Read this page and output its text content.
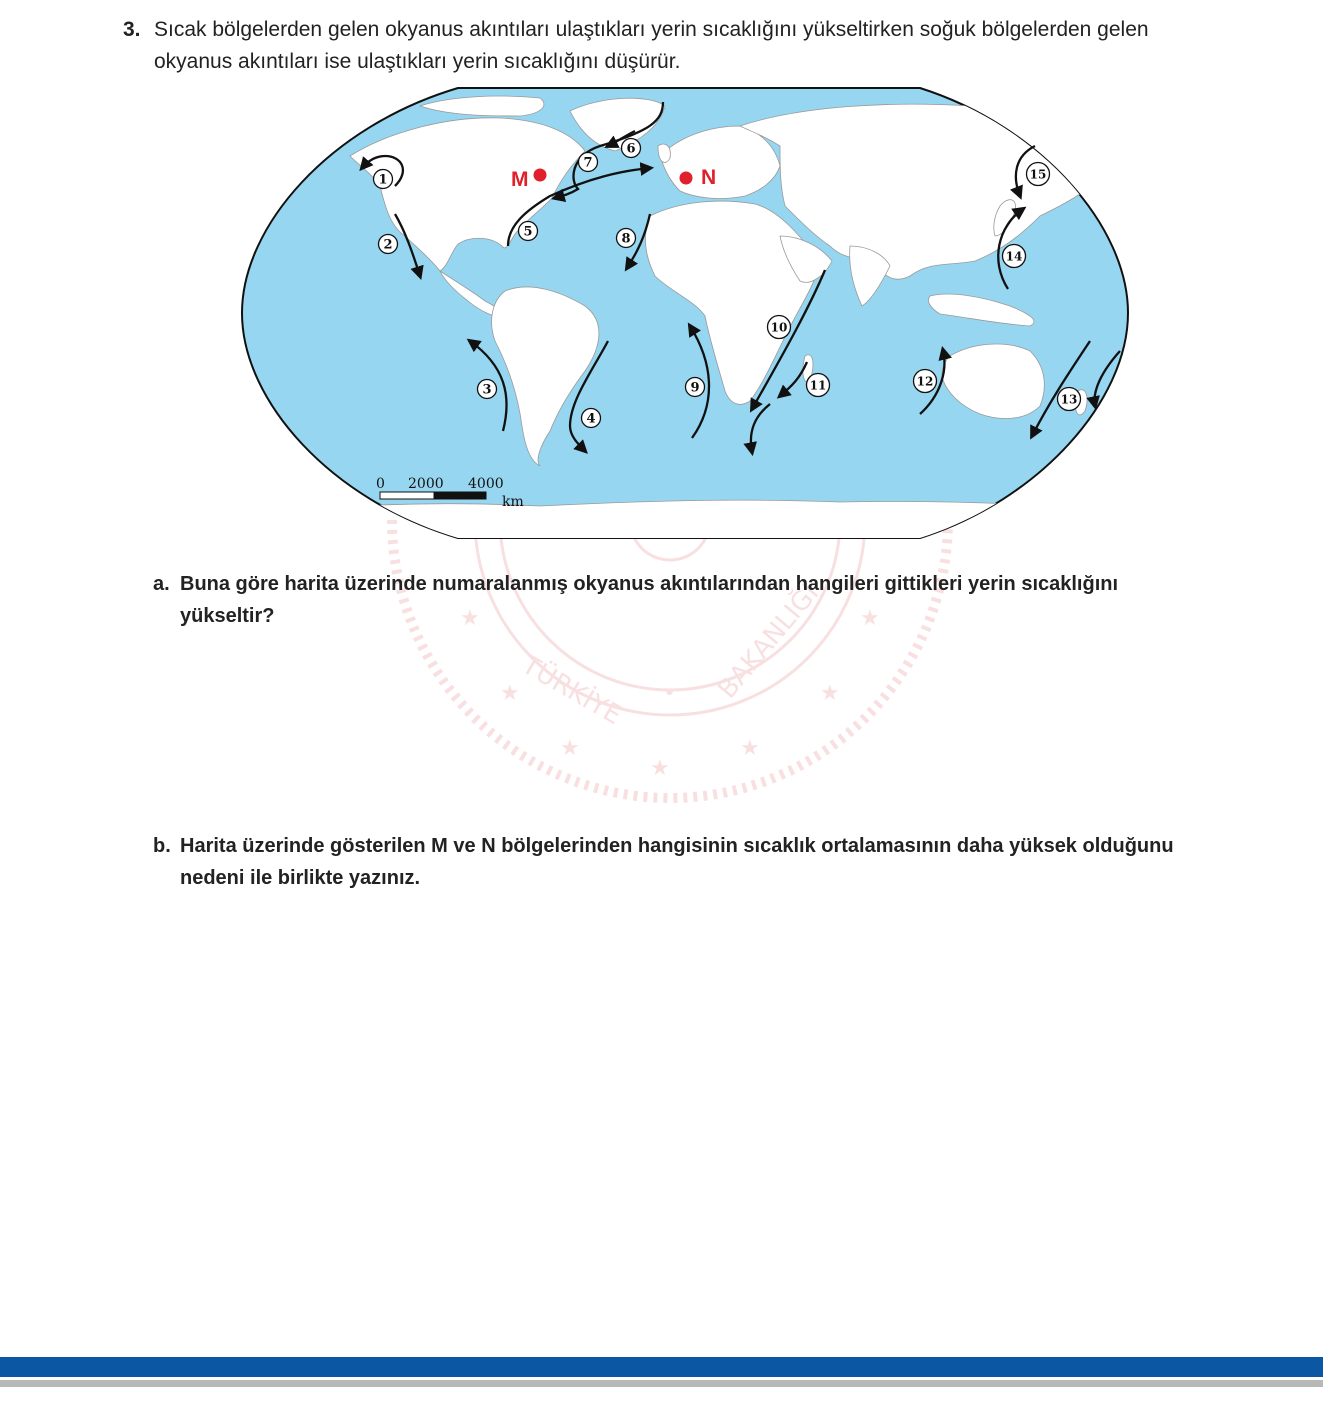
3. Sıcak bölgelerden gelen okyanus akıntıları ulaştıkları yerin sıcaklığını yükseltirken soğuk bölgelerden gelen okyanus akıntıları ise ulaştıkları yerin sıcaklığını düşürür.
★	★
★	★
★
★
★
•
TÜRKİYE	BAKANLIĞI
1
2
3
4
5
6
7
8
9
10
11	12
13
14
15
M	N
0 2000 4000
km
a. Buna göre harita üzerinde numaralanmış okyanus akıntılarından hangileri gittikleri yerin sıcaklığını yükseltir?
b. Harita üzerinde gösterilen M ve N bölgelerinden hangisinin sıcaklık ortalamasının daha yüksek olduğunu nedeni ile birlikte yazınız.
